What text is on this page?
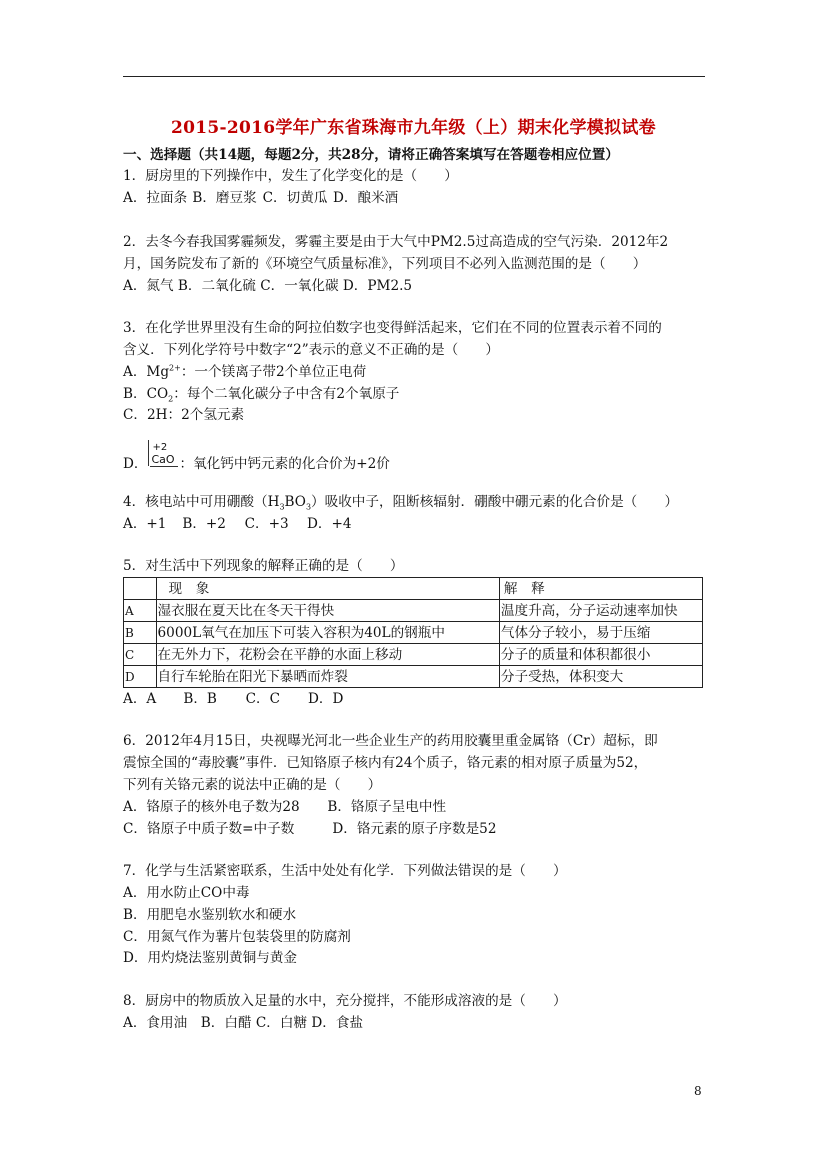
2015-2016学年广东省珠海市九年级（上）期末化学模拟试卷
一、选择题（共14题，每题2分，共28分，请将正确答案填写在答题卷相应位置）
1．厨房里的下列操作中，发生了化学变化的是（　　）
A．拉面条 B．磨豆浆 C．切黄瓜 D．酿米酒
2．去冬今春我国雾霾频发，雾霾主要是由于大气中PM2.5过高造成的空气污染．2012年2
月，国务院发布了新的《环境空气质量标准》，下列项目不必列入监测范围的是（　　）
A．氮气 B．二氧化硫 C．一氧化碳 D．PM2.5
3．在化学世界里没有生命的阿拉伯数字也变得鲜活起来，它们在不同的位置表示着不同的
含义．下列化学符号中数字“2”表示的意义不正确的是（　　）
A．$Mg^{2+}$：一个镁离子带2个单位正电荷
B．$CO_2$：每个二氧化碳分子中含有2个氧原子
C．2H：2个氢元素
D．
+2
CaO ：氧化钙中钙元素的化合价为+2价
4．核电站中可用硼酸$(H_3BO_3)$吸收中子，阻断核辐射．硼酸中硼元素的化合价是（　　）
A．+1 B．+2 C．+3 D．+4
5．对生活中下列现象的解释正确的是（　　）
	现　象	解　释
A	湿衣服在夏天比在冬天干得快	温度升高，分子运动速率加快
B	6000L氧气在加压下可装入容积为40L的钢瓶中	气体分子较小，易于压缩
C	在无外力下，花粉会在平静的水面上移动	分子的质量和体积都很小
D	自行车轮胎在阳光下暴晒而炸裂	分子受热，体积变大
A．A B．B C．C D．D
6．2012年4月15日，央视曝光河北一些企业生产的药用胶囊里重金属铬（Cr）超标，即
震惊全国的“毒胶囊”事件．已知铬原子核内有24个质子，铬元素的相对原子质量为52，
下列有关铬元素的说法中正确的是（　　）
A．铬原子的核外电子数为28 B．铬原子呈电中性
C．铬原子中质子数=中子数	D．铬元素的原子序数是52
7．化学与生活紧密联系，生活中处处有化学．下列做法错误的是（　　）
A．用水防止CO中毒
B．用肥皂水鉴别软水和硬水
C．用氮气作为薯片包装袋里的防腐剂
D．用灼烧法鉴别黄铜与黄金
8．厨房中的物质放入足量的水中，充分搅拌，不能形成溶液的是（　　）
A．食用油　B．白醋 C．白糖 D．食盐
8
